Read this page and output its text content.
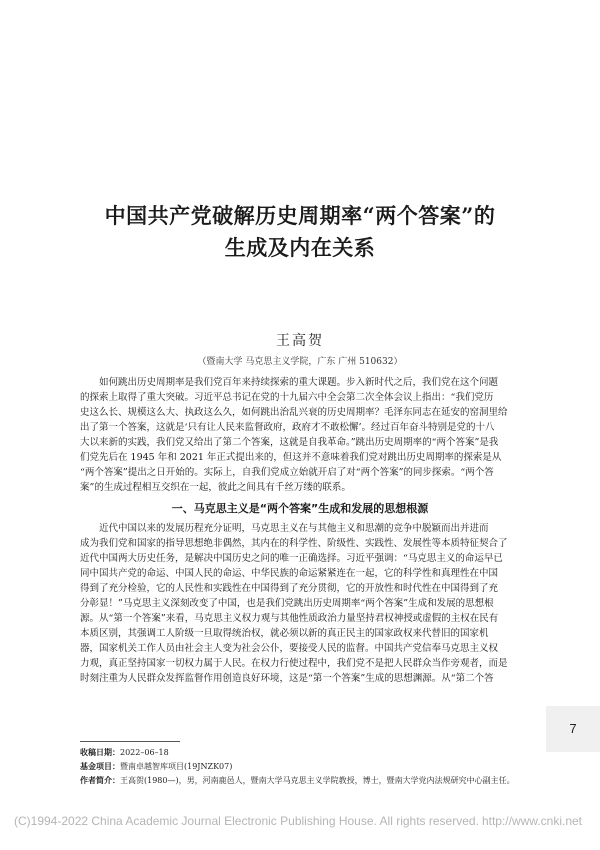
中国共产党破解历史周期率“两个答案”的
生成及内在关系
王高贺
（暨南大学 马克思主义学院，广东 广州 510632）
如何跳出历史周期率是我们党百年来持续探索的重大课题。步入新时代之后，我们党在这个问题
的探索上取得了重大突破。习近平总书记在党的十九届六中全会第二次全体会议上指出：“我们党历
史这么长、规模这么大、执政这么久，如何跳出治乱兴衰的历史周期率？毛泽东同志在延安的窑洞里给
出了第一个答案，这就是‘只有让人民来监督政府，政府才不敢松懈’。经过百年奋斗特别是党的十八
大以来新的实践，我们党又给出了第二个答案，这就是自我革命。”跳出历史周期率的“两个答案”是我
们党先后在 1945 年和 2021 年正式提出来的，但这并不意味着我们党对跳出历史周期率的探索是从
“两个答案”提出之日开始的。实际上，自我们党成立始就开启了对“两个答案”的同步探索。“两个答
案”的生成过程相互交织在一起，彼此之间具有千丝万缕的联系。
一、马克思主义是“两个答案”生成和发展的思想根源
近代中国以来的发展历程充分证明，马克思主义在与其他主义和思潮的竞争中脱颖而出并进而
成为我们党和国家的指导思想绝非偶然，其内在的科学性、阶级性、实践性、发展性等本质特征契合了
近代中国两大历史任务，是解决中国历史之问的唯一正确选择。习近平强调：“马克思主义的命运早已
同中国共产党的命运、中国人民的命运、中华民族的命运紧紧连在一起，它的科学性和真理性在中国
得到了充分检验，它的人民性和实践性在中国得到了充分贯彻，它的开放性和时代性在中国得到了充
分彰显！”马克思主义深刻改变了中国，也是我们党跳出历史周期率“两个答案”生成和发展的思想根
源。从“第一个答案”来看，马克思主义权力观与其他性质政治力量坚持君权神授或虚假的主权在民有
本质区别，其强调工人阶级一旦取得统治权，就必须以新的真正民主的国家政权来代替旧的国家机
器，国家机关工作人员由社会主人变为社会公仆，要接受人民的监督。中国共产党信奉马克思主义权
力观，真正坚持国家一切权力属于人民。在权力行使过程中，我们党不是把人民群众当作旁观者，而是
时刻注重为人民群众发挥监督作用创造良好环境，这是“第一个答案”生成的思想渊源。从“第二个答
收稿日期：2022–06–18
基金项目：暨南卓越智库项目(19JNZK07)
作者简介：王高贺(1980—)，男，河南鹿邑人，暨南大学马克思主义学院教授，博士，暨南大学党内法规研究中心副主任。
7
(C)1994-2022 China Academic Journal Electronic Publishing House. All rights reserved. http://www.cnki.net
